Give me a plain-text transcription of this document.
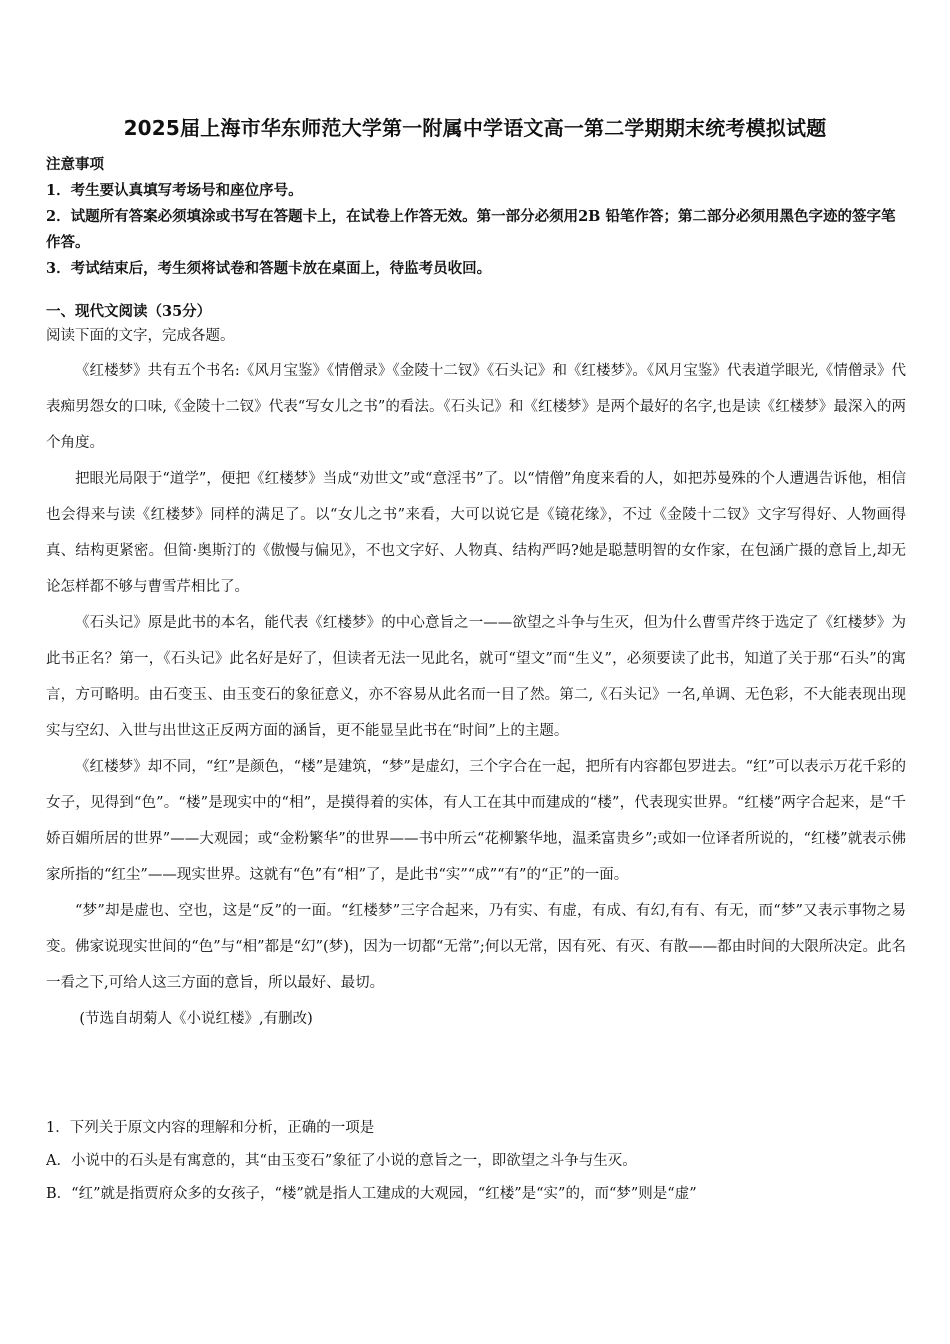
2025届上海市华东师范大学第一附属中学语文高一第二学期期末统考模拟试题
注意事项
1．考生要认真填写考场号和座位序号。
2．试题所有答案必须填涂或书写在答题卡上，在试卷上作答无效。第一部分必须用2B 铅笔作答；第二部分必须用黑色字迹的签字笔作答。
3．考试结束后，考生须将试卷和答题卡放在桌面上，待监考员收回。
一、现代文阅读（35分）
阅读下面的文字，完成各题。

《红楼梦》共有五个书名:《风月宝鉴》《情僧录》《金陵十二钗》《石头记》和《红楼梦》。《风月宝鉴》代表道学眼光,《情僧录》代表痴男怨女的口味,《金陵十二钗》代表“写女儿之书”的看法。《石头记》和《红楼梦》是两个最好的名字,也是读《红楼梦》最深入的两个角度。

把眼光局限于“道学”，便把《红楼梦》当成“劝世文”或“意淫书”了。以“情僧”角度来看的人，如把苏曼殊的个人遭遇告诉他，相信也会得来与读《红楼梦》同样的满足了。以“女儿之书”来看，大可以说它是《镜花缘》，不过《金陵十二钗》文字写得好、人物画得真、结构更紧密。但简·奥斯汀的《傲慢与偏见》，不也文字好、人物真、结构严吗?她是聪慧明智的女作家，在包涵广摄的意旨上,却无论怎样都不够与曹雪芹相比了。

《石头记》原是此书的本名，能代表《红楼梦》的中心意旨之一——欲望之斗争与生灭，但为什么曹雪芹终于选定了《红楼梦》为此书正名？第一，《石头记》此名好是好了，但读者无法一见此名，就可“望文”而“生义”，必须要读了此书，知道了关于那“石头”的寓言，方可略明。由石变玉、由玉变石的象征意义，亦不容易从此名而一目了然。第二,《石头记》一名,单调、无色彩，不大能表现出现实与空幻、入世与出世这正反两方面的涵旨，更不能显呈此书在“时间”上的主题。

《红楼梦》却不同，“红”是颜色，“楼”是建筑，“梦”是虚幻，三个字合在一起，把所有内容都包罗进去。“红”可以表示万花千彩的女子，见得到“色”。“楼”是现实中的“相”，是摸得着的实体，有人工在其中而建成的“楼”，代表现实世界。“红楼”两字合起来，是“千娇百媚所居的世界”——大观园；或“金粉繁华”的世界——书中所云“花柳繁华地，温柔富贵乡”;或如一位译者所说的，“红楼”就表示佛家所指的“红尘”——现实世界。这就有“色”有“相”了，是此书“实”“成”“有”的“正”的一面。

“梦”却是虚也、空也，这是“反”的一面。“红楼梦”三字合起来，乃有实、有虚，有成、有幻,有有、有无，而“梦”又表示事物之易变。佛家说现实世间的“色”与“相”都是“幻”(梦)，因为一切都“无常”;何以无常，因有死、有灭、有散——都由时间的大限所决定。此名一看之下,可给人这三方面的意旨，所以最好、最切。

(节选自胡菊人《小说红楼》,有删改)
1．下列关于原文内容的理解和分析，正确的一项是
A．小说中的石头是有寓意的，其“由玉变石”象征了小说的意旨之一，即欲望之斗争与生灭。
B．“红”就是指贾府众多的女孩子，“楼”就是指人工建成的大观园，“红楼”是“实”的，而“梦”则是“虚”
